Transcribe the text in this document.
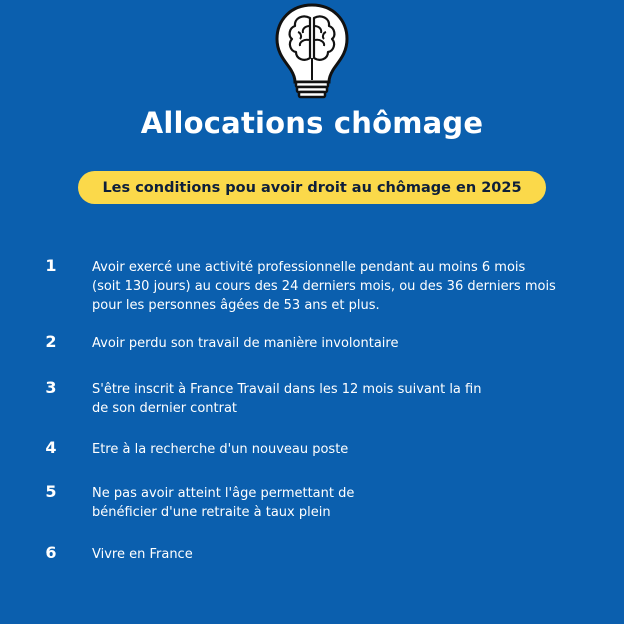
Allocations chômage
Les conditions pou avoir droit au chômage en 2025
1	Avoir exercé une activité professionnelle pendant au moins 6 mois
(soit 130 jours) au cours des 24 derniers mois, ou des 36 derniers mois
pour les personnes âgées de 53 ans et plus.
2	Avoir perdu son travail de manière involontaire
3	S'être inscrit à France Travail dans les 12 mois suivant la fin
de son dernier contrat
4	Etre à la recherche d'un nouveau poste
5	Ne pas avoir atteint l'âge permettant de
bénéficier d'une retraite à taux plein
6	Vivre en France
